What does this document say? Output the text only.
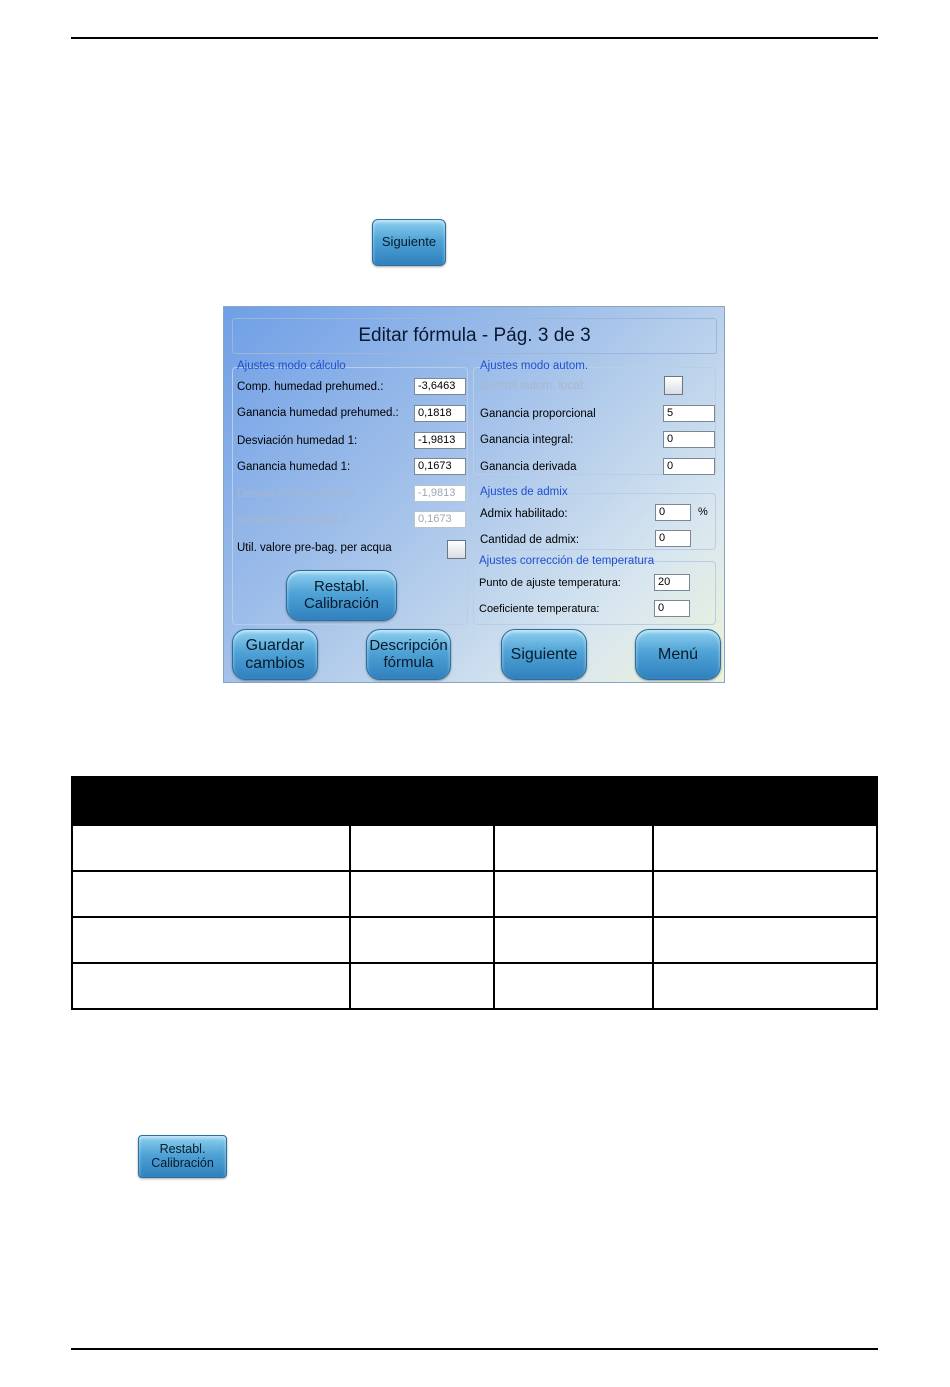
Siguiente
Editar fórmula - Pág. 3 de 3
Ajustes modo cálculo
Comp. humedad prehumed.:	-3,6463
Ganancia humedad prehumed.:	0,1818
Desviación humedad 1:	-1,9813
Ganancia humedad 1:	0,1673
Desviación humedad 2:	-1,9813
Ganancia humedad 2:	0,1673
Util. valore pre-bag. per acqua
Restabl. Calibración
Ajustes modo autom.
Control autom. local:
Ganancia proporcional	5
Ganancia integral:	0
Ganancia derivada	0
Ajustes de admix
Admix habilitado:	0	%
Cantidad de admix:	0
Ajustes corrección de temperatura
Punto de ajuste temperatura:	20
Coeficiente temperatura:	0
Guardar cambios
Descripción fórmula	Siguiente	Menú

Restabl. Calibración
